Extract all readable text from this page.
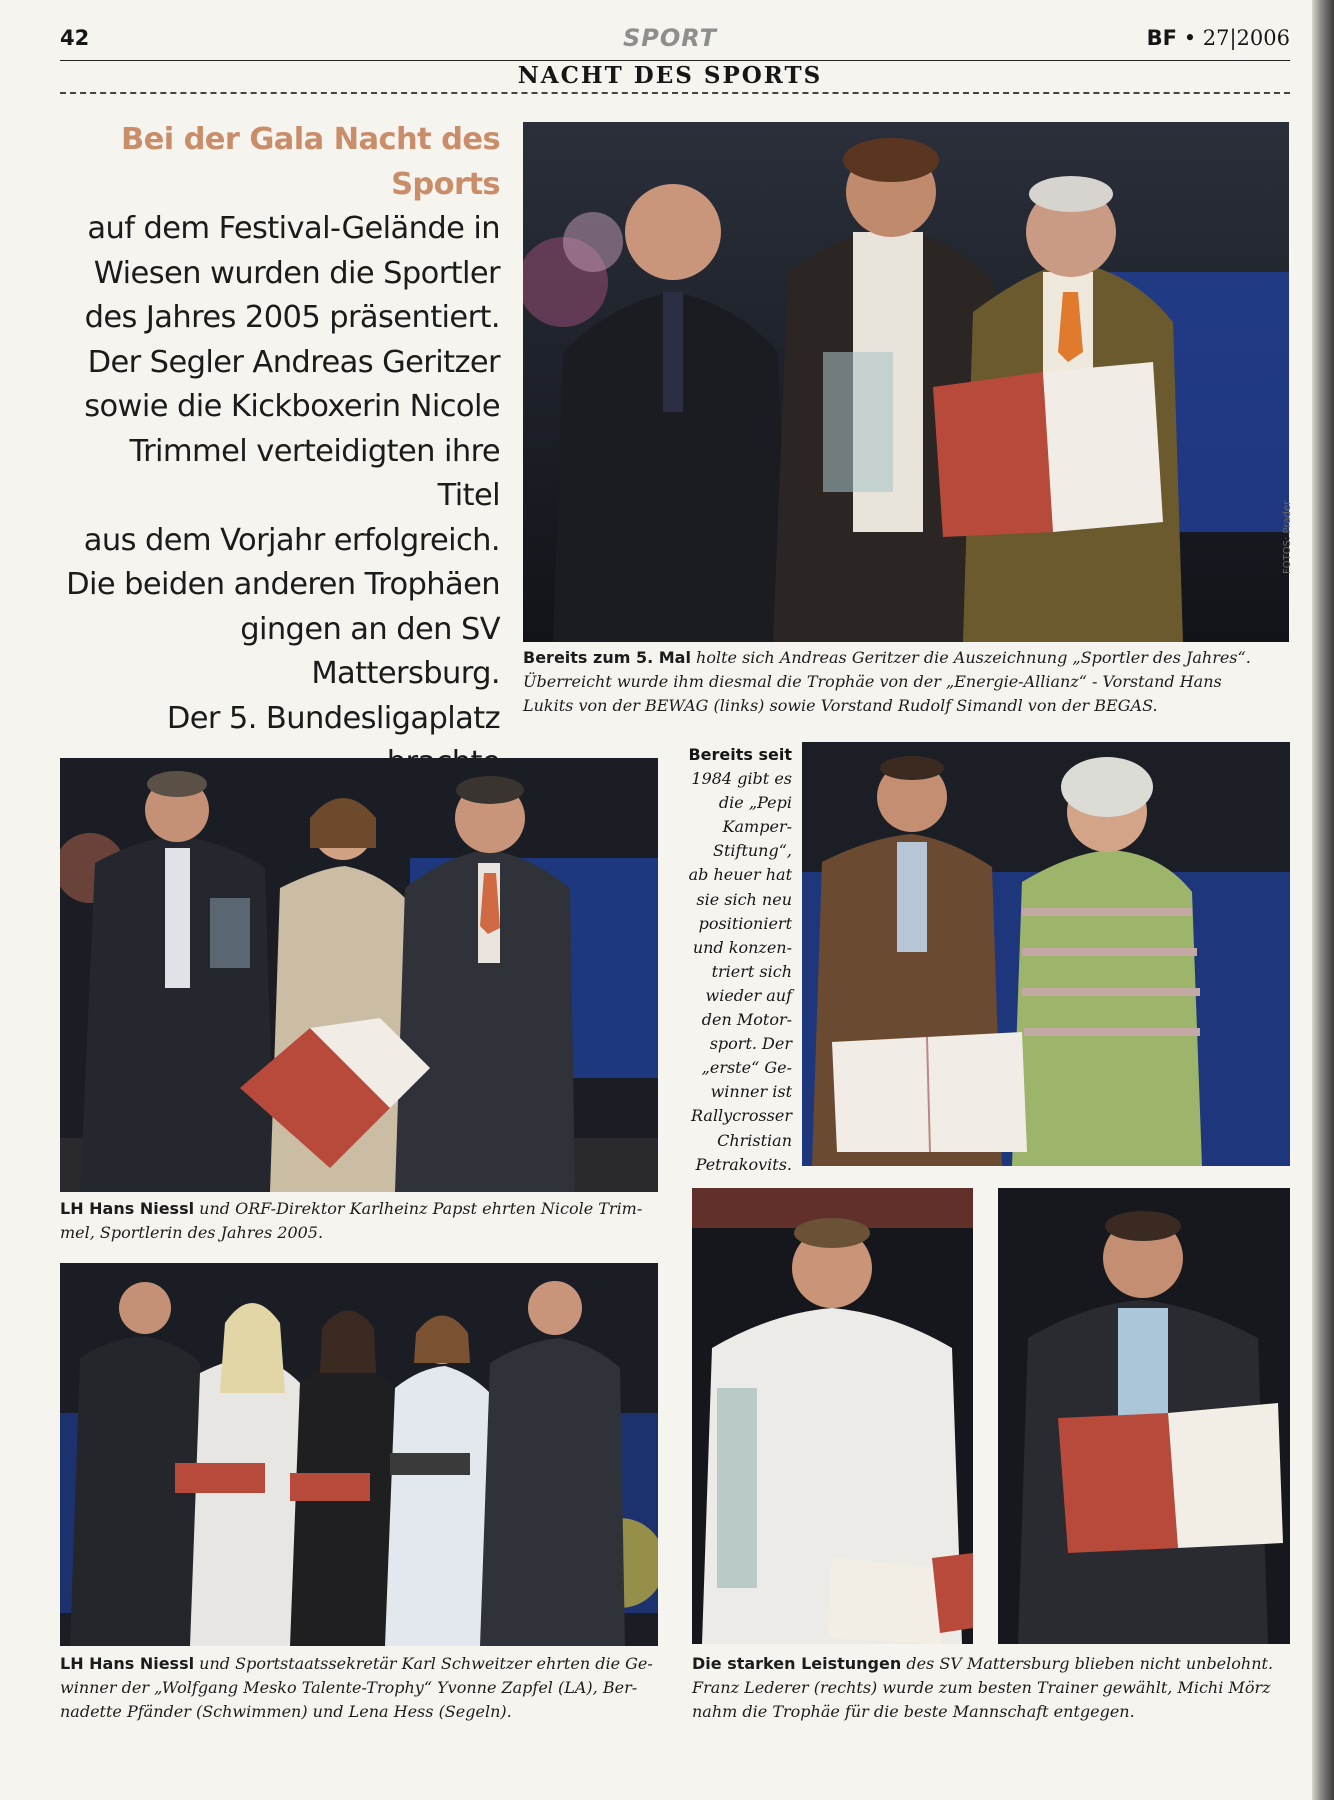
42	SPORT	BF • 27|2006
NACHT DES SPORTS
Bei der Gala Nacht des Sports
auf dem Festival-Gelände in
Wiesen wurden die Sportler
des Jahres 2005 präsentiert.
Der Segler Andreas Geritzer
sowie die Kickboxerin Nicole
Trimmel verteidigten ihre Titel
aus dem Vorjahr erfolgreich.
Die beiden anderen Trophäen
gingen an den SV Mattersburg.
Der 5. Bundesligaplatz
FOTOS: Prader
Bereits zum 5. Mal holte sich Andreas Geritzer die Auszeichnung „Sportler des Jahres“.
Überreicht wurde ihm diesmal die Trophäe von der „Energie-Allianz“ - Vorstand Hans
Lukits von der BEWAG (links) sowie Vorstand Rudolf Simandl von der BEGAS.
LH Hans Niessl und ORF-Direktor Karlheinz Papst ehrten Nicole Trim-
mel, Sportlerin des Jahres 2005.
Bereits seit
1984 gibt es
die „Pepi
Kamper-
Stiftung“,
ab heuer hat
sie sich neu
positioniert
und konzen-
triert sich
wieder auf
den Motor-
sport. Der
„erste“ Ge-
winner ist
Rallycrosser
Christian
Petrakovits.
LH Hans Niessl und Sportstaatssekretär Karl Schweitzer ehrten die Ge-
winner der „Wolfgang Mesko Talente-Trophy“ Yvonne Zapfel (LA), Ber-
nadette Pfänder (Schwimmen) und Lena Hess (Segeln).
Die starken Leistungen des SV Mattersburg blieben nicht unbelohnt.
Franz Lederer (rechts) wurde zum besten Trainer gewählt, Michi Mörz
nahm die Trophäe für die beste Mannschaft entgegen.
